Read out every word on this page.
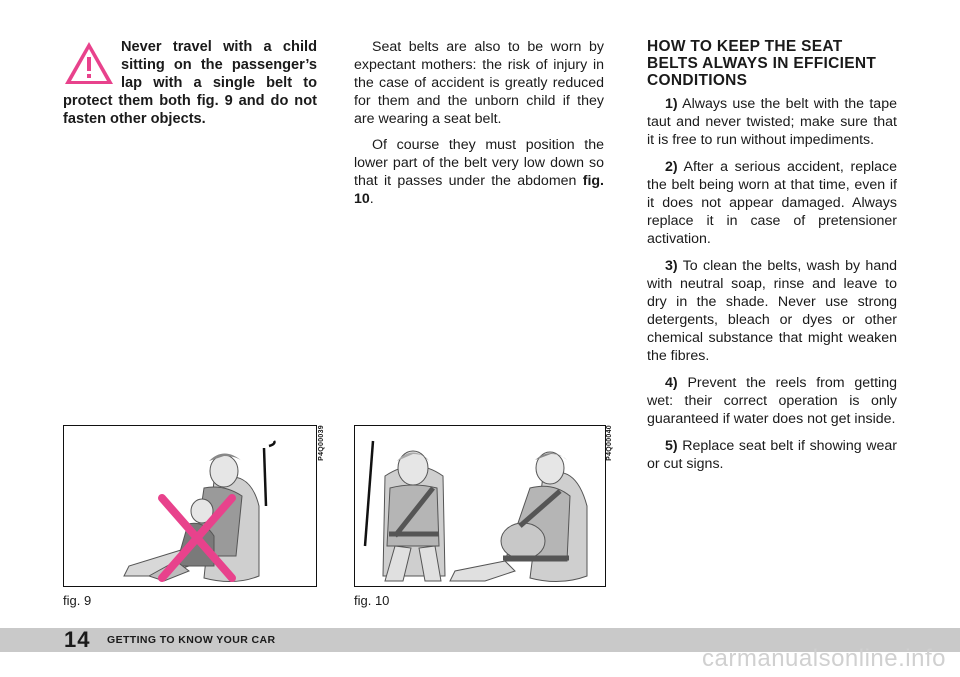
Never travel with a child sitting on the passenger’s lap with a single belt to protect them both fig. 9 and do not fasten other objects.

Seat belts are also to be worn by expectant mothers: the risk of injury in the case of accident is greatly reduced for them and the unborn child if they are wearing a seat belt.

Of course they must position the lower part of the belt very low down so that it passes under the abdomen fig. 10.

HOW TO KEEP THE SEAT BELTS ALWAYS IN EFFICIENT CONDITIONS

1) Always use the belt with the tape taut and never twisted; make sure that it is free to run without impediments.

2) After a serious accident, replace the belt being worn at that time, even if it does not appear damaged. Always replace it in case of pretensioner activation.

3) To clean the belts, wash by hand with neutral soap, rinse and leave to dry in the shade. Never use strong detergents, bleach or dyes or other chemical substance that might weaken the fibres.

4) Prevent the reels from getting wet: their correct operation is only guaranteed if water does not get inside.

5) Replace seat belt if showing wear or cut signs.

P4Q00039
fig. 9
P4Q00040
fig. 10
14 GETTING TO KNOW YOUR CAR
carmanualsonline.info
